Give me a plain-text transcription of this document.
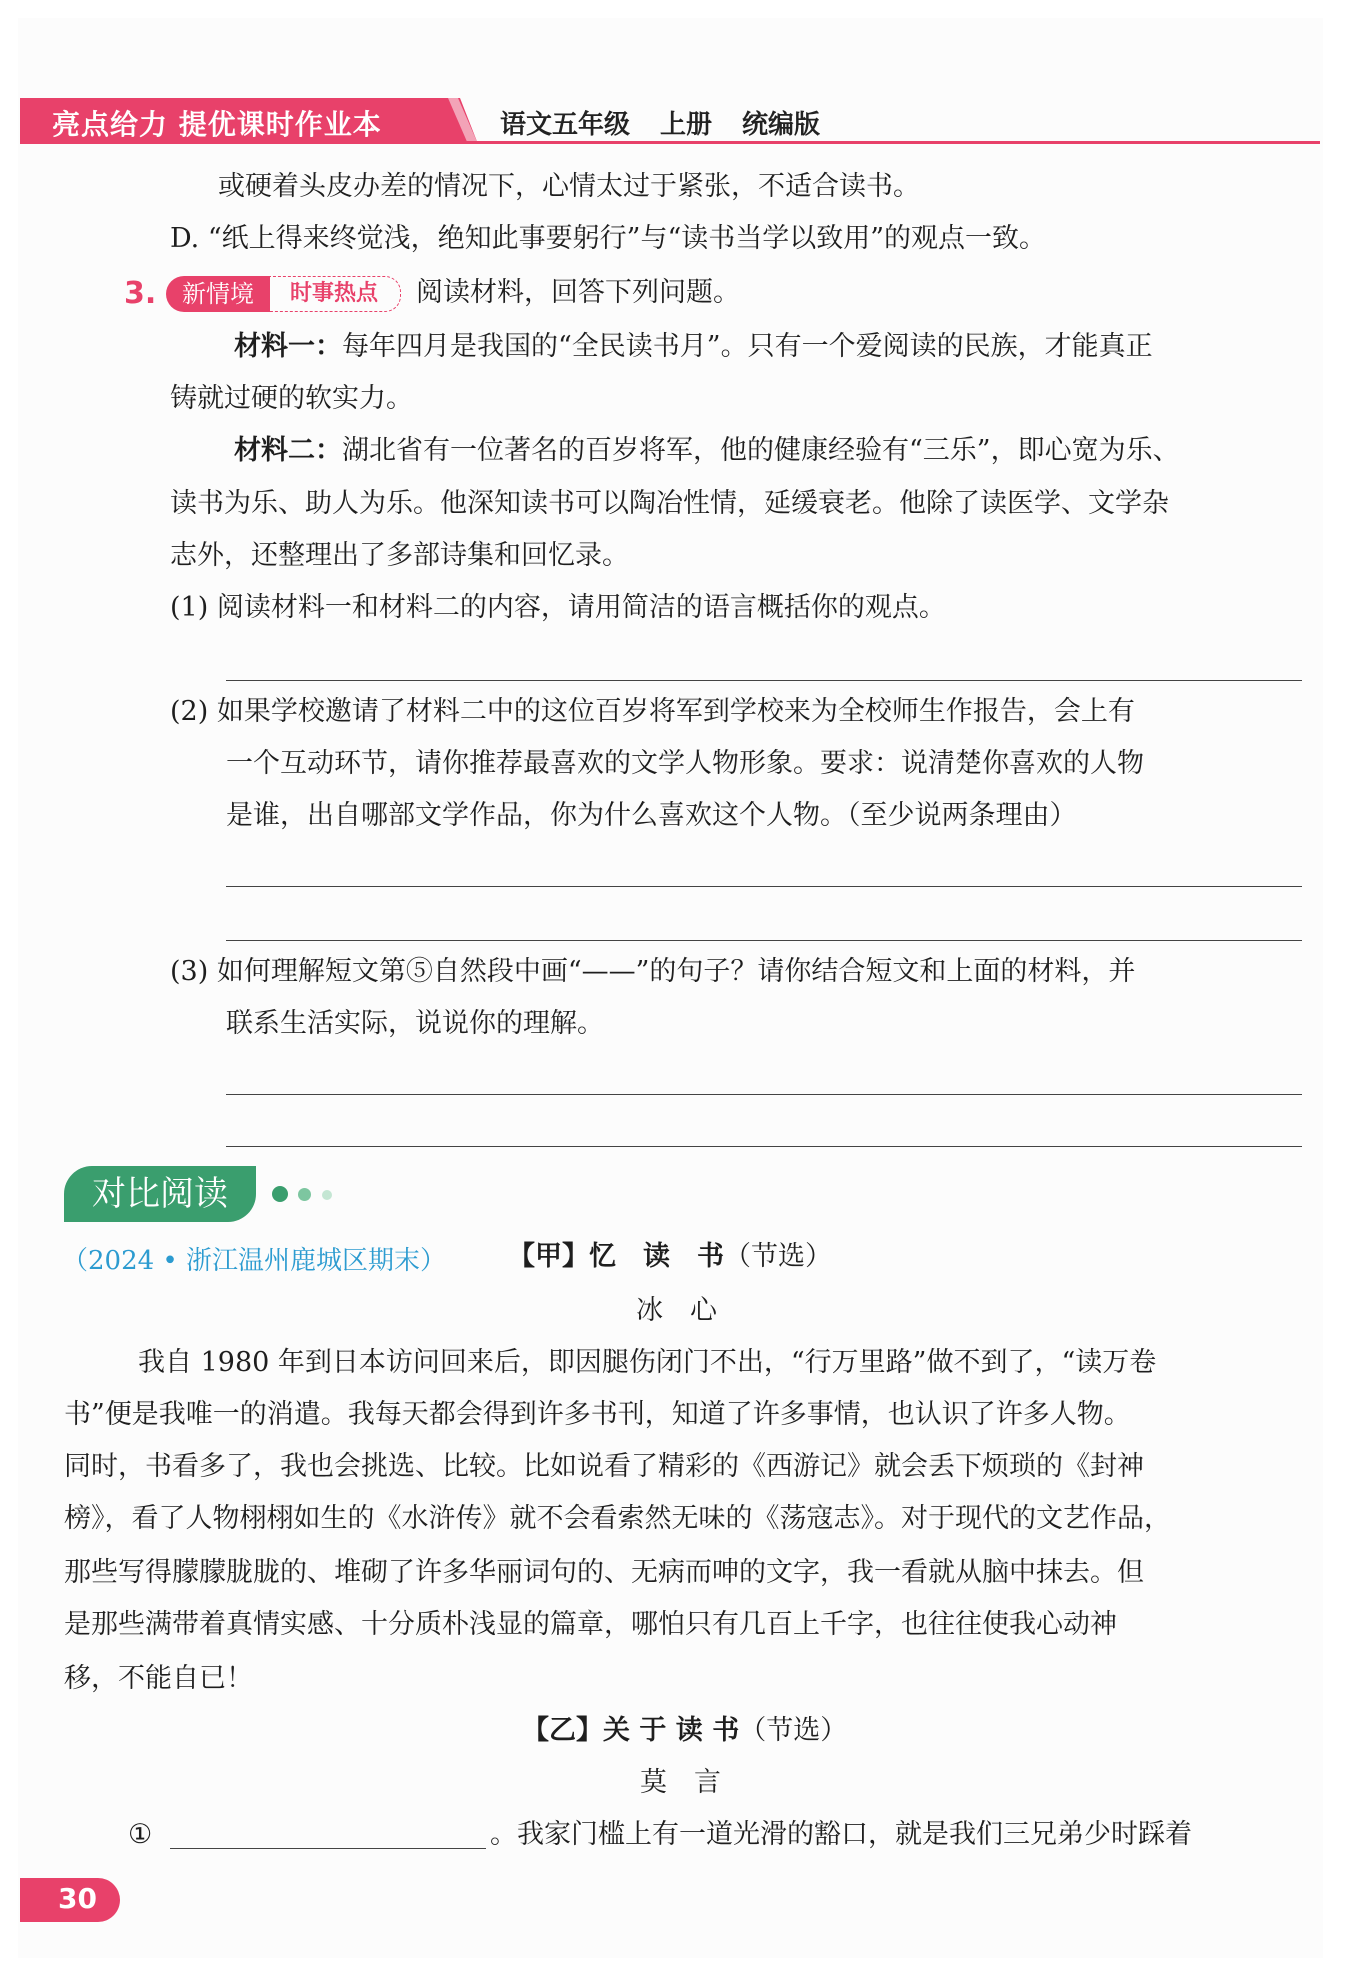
亮点给力 提优课时作业本	语文五年级 上册 统编版
或硬着头皮办差的情况下，心情太过于紧张，不适合读书。
D. “纸上得来终觉浅，绝知此事要躬行”与“读书当学以致用”的观点一致。
3.	新情境	时事热点	阅读材料，回答下列问题。
材料一：每年四月是我国的“全民读书月”。只有一个爱阅读的民族，才能真正
铸就过硬的软实力。
材料二：湖北省有一位著名的百岁将军，他的健康经验有“三乐”，即心宽为乐、
读书为乐、助人为乐。他深知读书可以陶冶性情，延缓衰老。他除了读医学、文学杂
志外，还整理出了多部诗集和回忆录。
(1) 阅读材料一和材料二的内容，请用简洁的语言概括你的观点。
(2) 如果学校邀请了材料二中的这位百岁将军到学校来为全校师生作报告，会上有
一个互动环节，请你推荐最喜欢的文学人物形象。要求：说清楚你喜欢的人物
是谁，出自哪部文学作品，你为什么喜欢这个人物。（至少说两条理由）
(3) 如何理解短文第⑤自然段中画“——”的句子？请你结合短文和上面的材料，并
联系生活实际，说说你的理解。
对比阅读
（2024 • 浙江温州鹿城区期末） 【甲】忆　读　书（节选）
冰　心
我自 1980 年到日本访问回来后，即因腿伤闭门不出，“行万里路”做不到了，“读万卷
书”便是我唯一的消遣。我每天都会得到许多书刊，知道了许多事情，也认识了许多人物。
同时，书看多了，我也会挑选、比较。比如说看了精彩的《西游记》就会丢下烦琐的《封神
榜》，看了人物栩栩如生的《水浒传》就不会看索然无味的《荡寇志》。对于现代的文艺作品，
那些写得朦朦胧胧的、堆砌了许多华丽词句的、无病而呻的文字，我一看就从脑中抹去。但
是那些满带着真情实感、十分质朴浅显的篇章，哪怕只有几百上千字，也往往使我心动神
移，不能自已！
【乙】关 于 读 书（节选）
莫　言
①	。我家门槛上有一道光滑的豁口，就是我们三兄弟少时踩着
30
